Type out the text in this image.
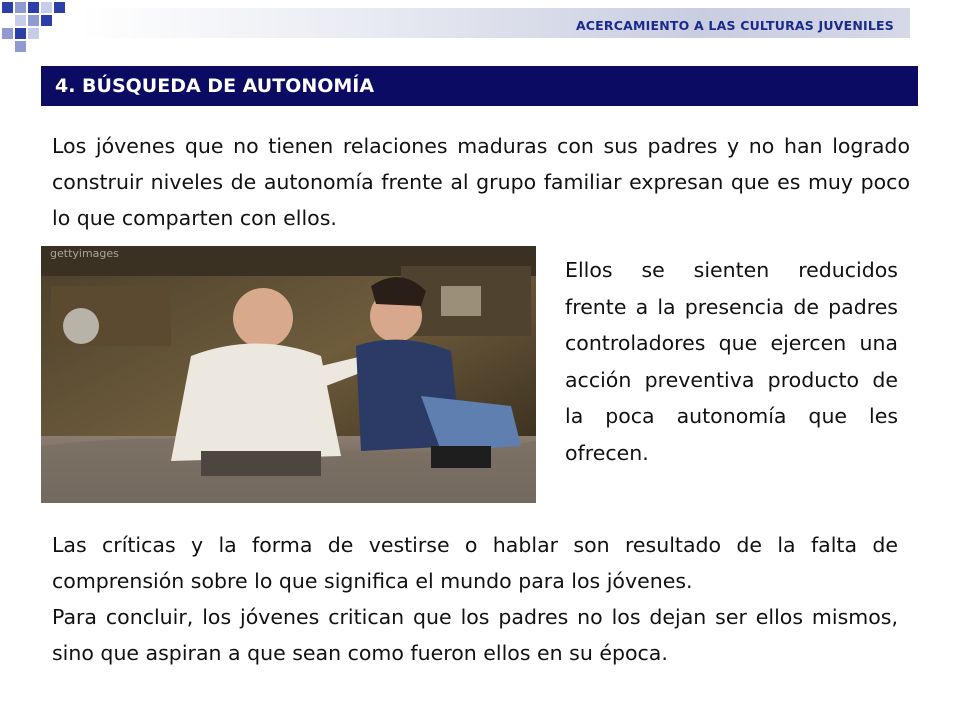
ACERCAMIENTO A LAS CULTURAS JUVENILES
4. BÚSQUEDA DE AUTONOMÍA

Los jóvenes que no tienen relaciones maduras con sus padres y no han logrado construir niveles de autonomía frente al grupo familiar expresan que es muy poco lo que comparten con ellos.

gettyimages

Ellos se sienten reducidos frente a la presencia de padres controladores que ejercen una acción preventiva producto de la poca autonomía que les ofrecen.

Las críticas y la forma de vestirse o hablar son resultado de la falta de comprensión sobre lo que significa el mundo para los jóvenes.
Para concluir, los jóvenes critican que los padres no los dejan ser ellos mismos, sino que aspiran a que sean como fueron ellos en su época.
